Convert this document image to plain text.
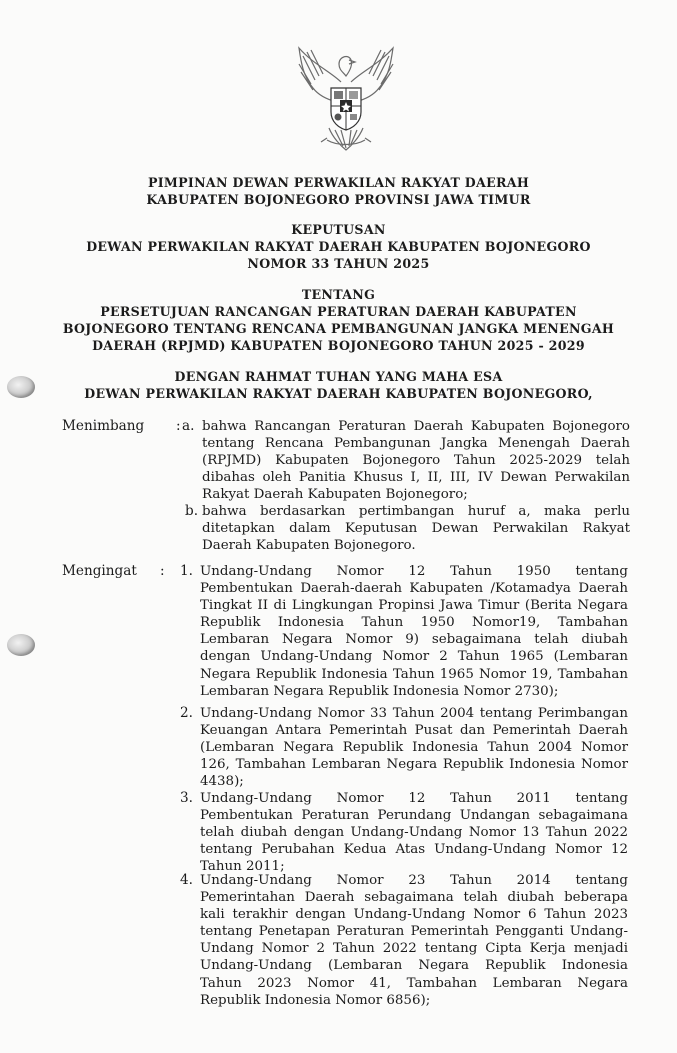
PIMPINAN DEWAN PERWAKILAN RAKYAT DAERAH
KABUPATEN BOJONEGORO PROVINSI JAWA TIMUR
KEPUTUSAN
DEWAN PERWAKILAN RAKYAT DAERAH KABUPATEN BOJONEGORO
NOMOR 33 TAHUN 2025
TENTANG
PERSETUJUAN RANCANGAN PERATURAN DAERAH KABUPATEN
BOJONEGORO TENTANG RENCANA PEMBANGUNAN JANGKA MENENGAH
DAERAH (RPJMD) KABUPATEN BOJONEGORO TAHUN 2025 - 2029
DENGAN RAHMAT TUHAN YANG MAHA ESA
DEWAN PERWAKILAN RAKYAT DAERAH KABUPATEN BOJONEGORO,
Menimbang : a. bahwa Rancangan Peraturan Daerah Kabupaten Bojonegoro
tentang Rencana Pembangunan Jangka Menengah Daerah
(RPJMD) Kabupaten Bojonegoro Tahun 2025-2029 telah
dibahas oleh Panitia Khusus I, II, III, IV Dewan Perwakilan
Rakyat Daerah Kabupaten Bojonegoro;
b. bahwa berdasarkan pertimbangan huruf a, maka perlu
ditetapkan dalam Keputusan Dewan Perwakilan Rakyat
Daerah Kabupaten Bojonegoro.
Mengingat : 1. Undang-Undang Nomor 12 Tahun 1950 tentang
Pembentukan Daerah-daerah Kabupaten /Kotamadya Daerah
Tingkat II di Lingkungan Propinsi Jawa Timur (Berita Negara
Republik Indonesia Tahun 1950 Nomor19, Tambahan
Lembaran Negara Nomor 9) sebagaimana telah diubah
dengan Undang-Undang Nomor 2 Tahun 1965 (Lembaran
Negara Republik Indonesia Tahun 1965 Nomor 19, Tambahan
Lembaran Negara Republik Indonesia Nomor 2730);
2. Undang-Undang Nomor 33 Tahun 2004 tentang Perimbangan
Keuangan Antara Pemerintah Pusat dan Pemerintah Daerah
(Lembaran Negara Republik Indonesia Tahun 2004 Nomor
126, Tambahan Lembaran Negara Republik Indonesia Nomor
4438);
3. Undang-Undang Nomor 12 Tahun 2011 tentang
Pembentukan Peraturan Perundang Undangan sebagaimana
telah diubah dengan Undang-Undang Nomor 13 Tahun 2022
tentang Perubahan Kedua Atas Undang-Undang Nomor 12
Tahun 2011;
4. Undang-Undang Nomor 23 Tahun 2014 tentang
Pemerintahan Daerah sebagaimana telah diubah beberapa
kali terakhir dengan Undang-Undang Nomor 6 Tahun 2023
tentang Penetapan Peraturan Pemerintah Pengganti Undang-
Undang Nomor 2 Tahun 2022 tentang Cipta Kerja menjadi
Undang-Undang (Lembaran Negara Republik Indonesia
Tahun 2023 Nomor 41, Tambahan Lembaran Negara
Republik Indonesia Nomor 6856);
